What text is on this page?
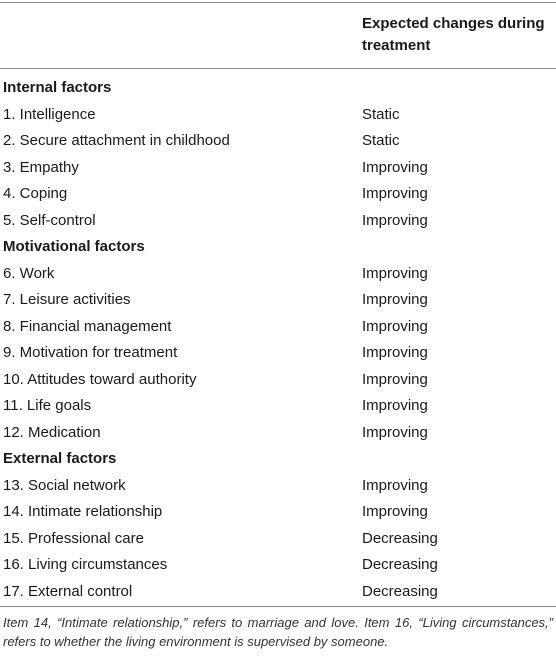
Expected changes during treatment
Internal factors
1. Intelligence	Static
2. Secure attachment in childhood	Static
3. Empathy	Improving
4. Coping	Improving
5. Self-control	Improving
Motivational factors
6. Work	Improving
7. Leisure activities	Improving
8. Financial management	Improving
9. Motivation for treatment	Improving
10. Attitudes toward authority	Improving
11. Life goals	Improving
12. Medication	Improving
External factors
13. Social network	Improving
14. Intimate relationship	Improving
15. Professional care	Decreasing
16. Living circumstances	Decreasing
17. External control	Decreasing
Item 14, “Intimate relationship,” refers to marriage and love. Item 16, “Living circumstances,” refers to whether the living environment is supervised by someone.
